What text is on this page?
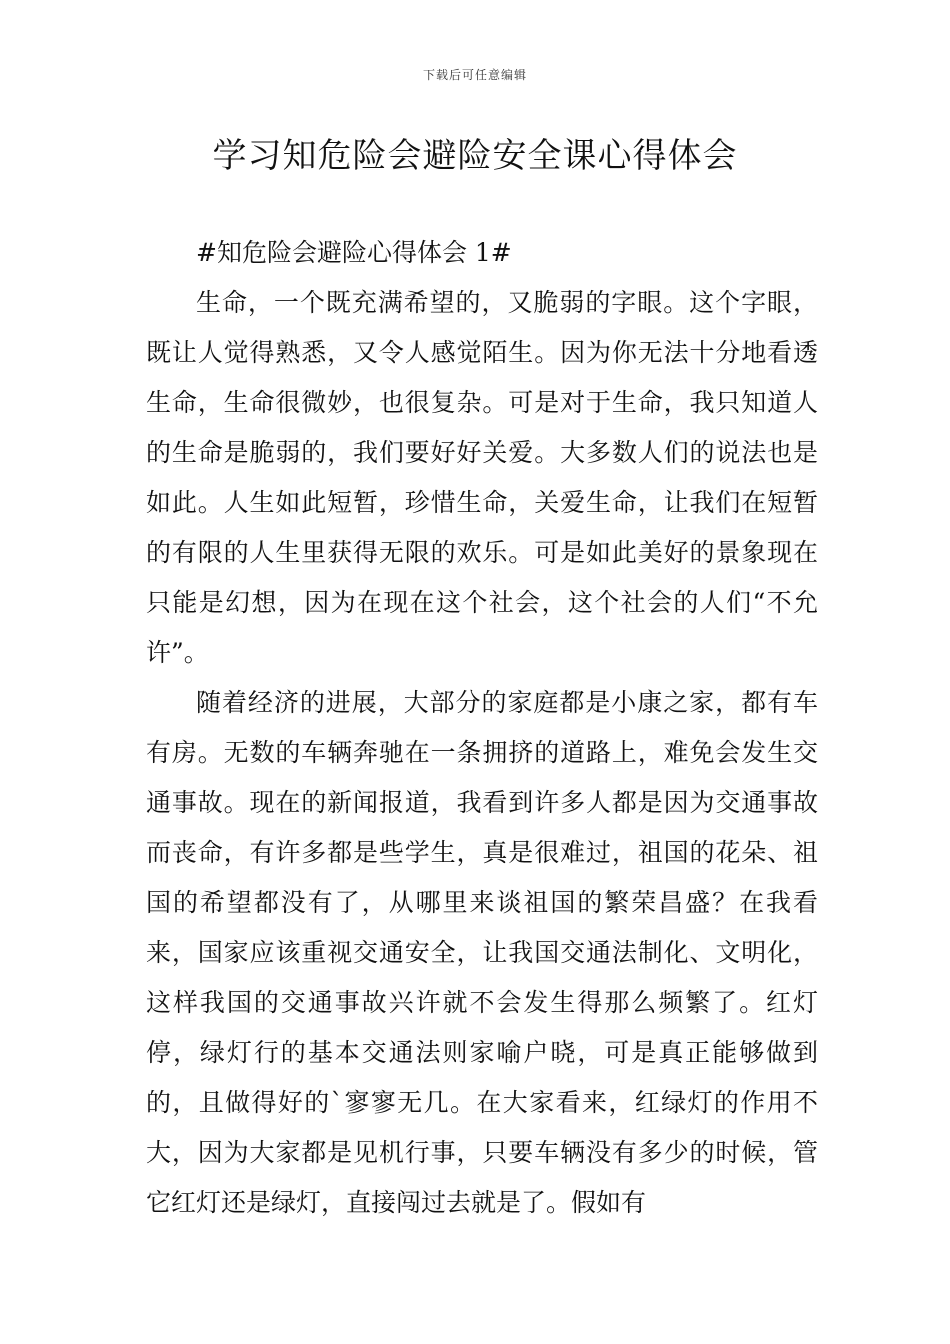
下载后可任意编辑
学习知危险会避险安全课心得体会

#知危险会避险心得体会 1#

生命，一个既充满希望的，又脆弱的字眼。这个字眼，既让人觉得熟悉，又令人感觉陌生。因为你无法十分地看透生命，生命很微妙，也很复杂。可是对于生命，我只知道人的生命是脆弱的，我们要好好关爱。大多数人们的说法也是如此。人生如此短暂，珍惜生命，关爱生命，让我们在短暂的有限的人生里获得无限的欢乐。可是如此美好的景象现在只能是幻想，因为在现在这个社会，这个社会的人们“不允许”。

随着经济的进展，大部分的家庭都是小康之家，都有车有房。无数的车辆奔驰在一条拥挤的道路上，难免会发生交通事故。现在的新闻报道，我看到许多人都是因为交通事故而丧命，有许多都是些学生，真是很难过，祖国的花朵、祖国的希望都没有了，从哪里来谈祖国的繁荣昌盛？在我看来，国家应该重视交通安全，让我国交通法制化、文明化，这样我国的交通事故兴许就不会发生得那么频繁了。红灯停，绿灯行的基本交通法则家喻户晓，可是真正能够做到的，且做得好的`寥寥无几。在大家看来，红绿灯的作用不大，因为大家都是见机行事，只要车辆没有多少的时候，管它红灯还是绿灯，直接闯过去就是了。假如有
